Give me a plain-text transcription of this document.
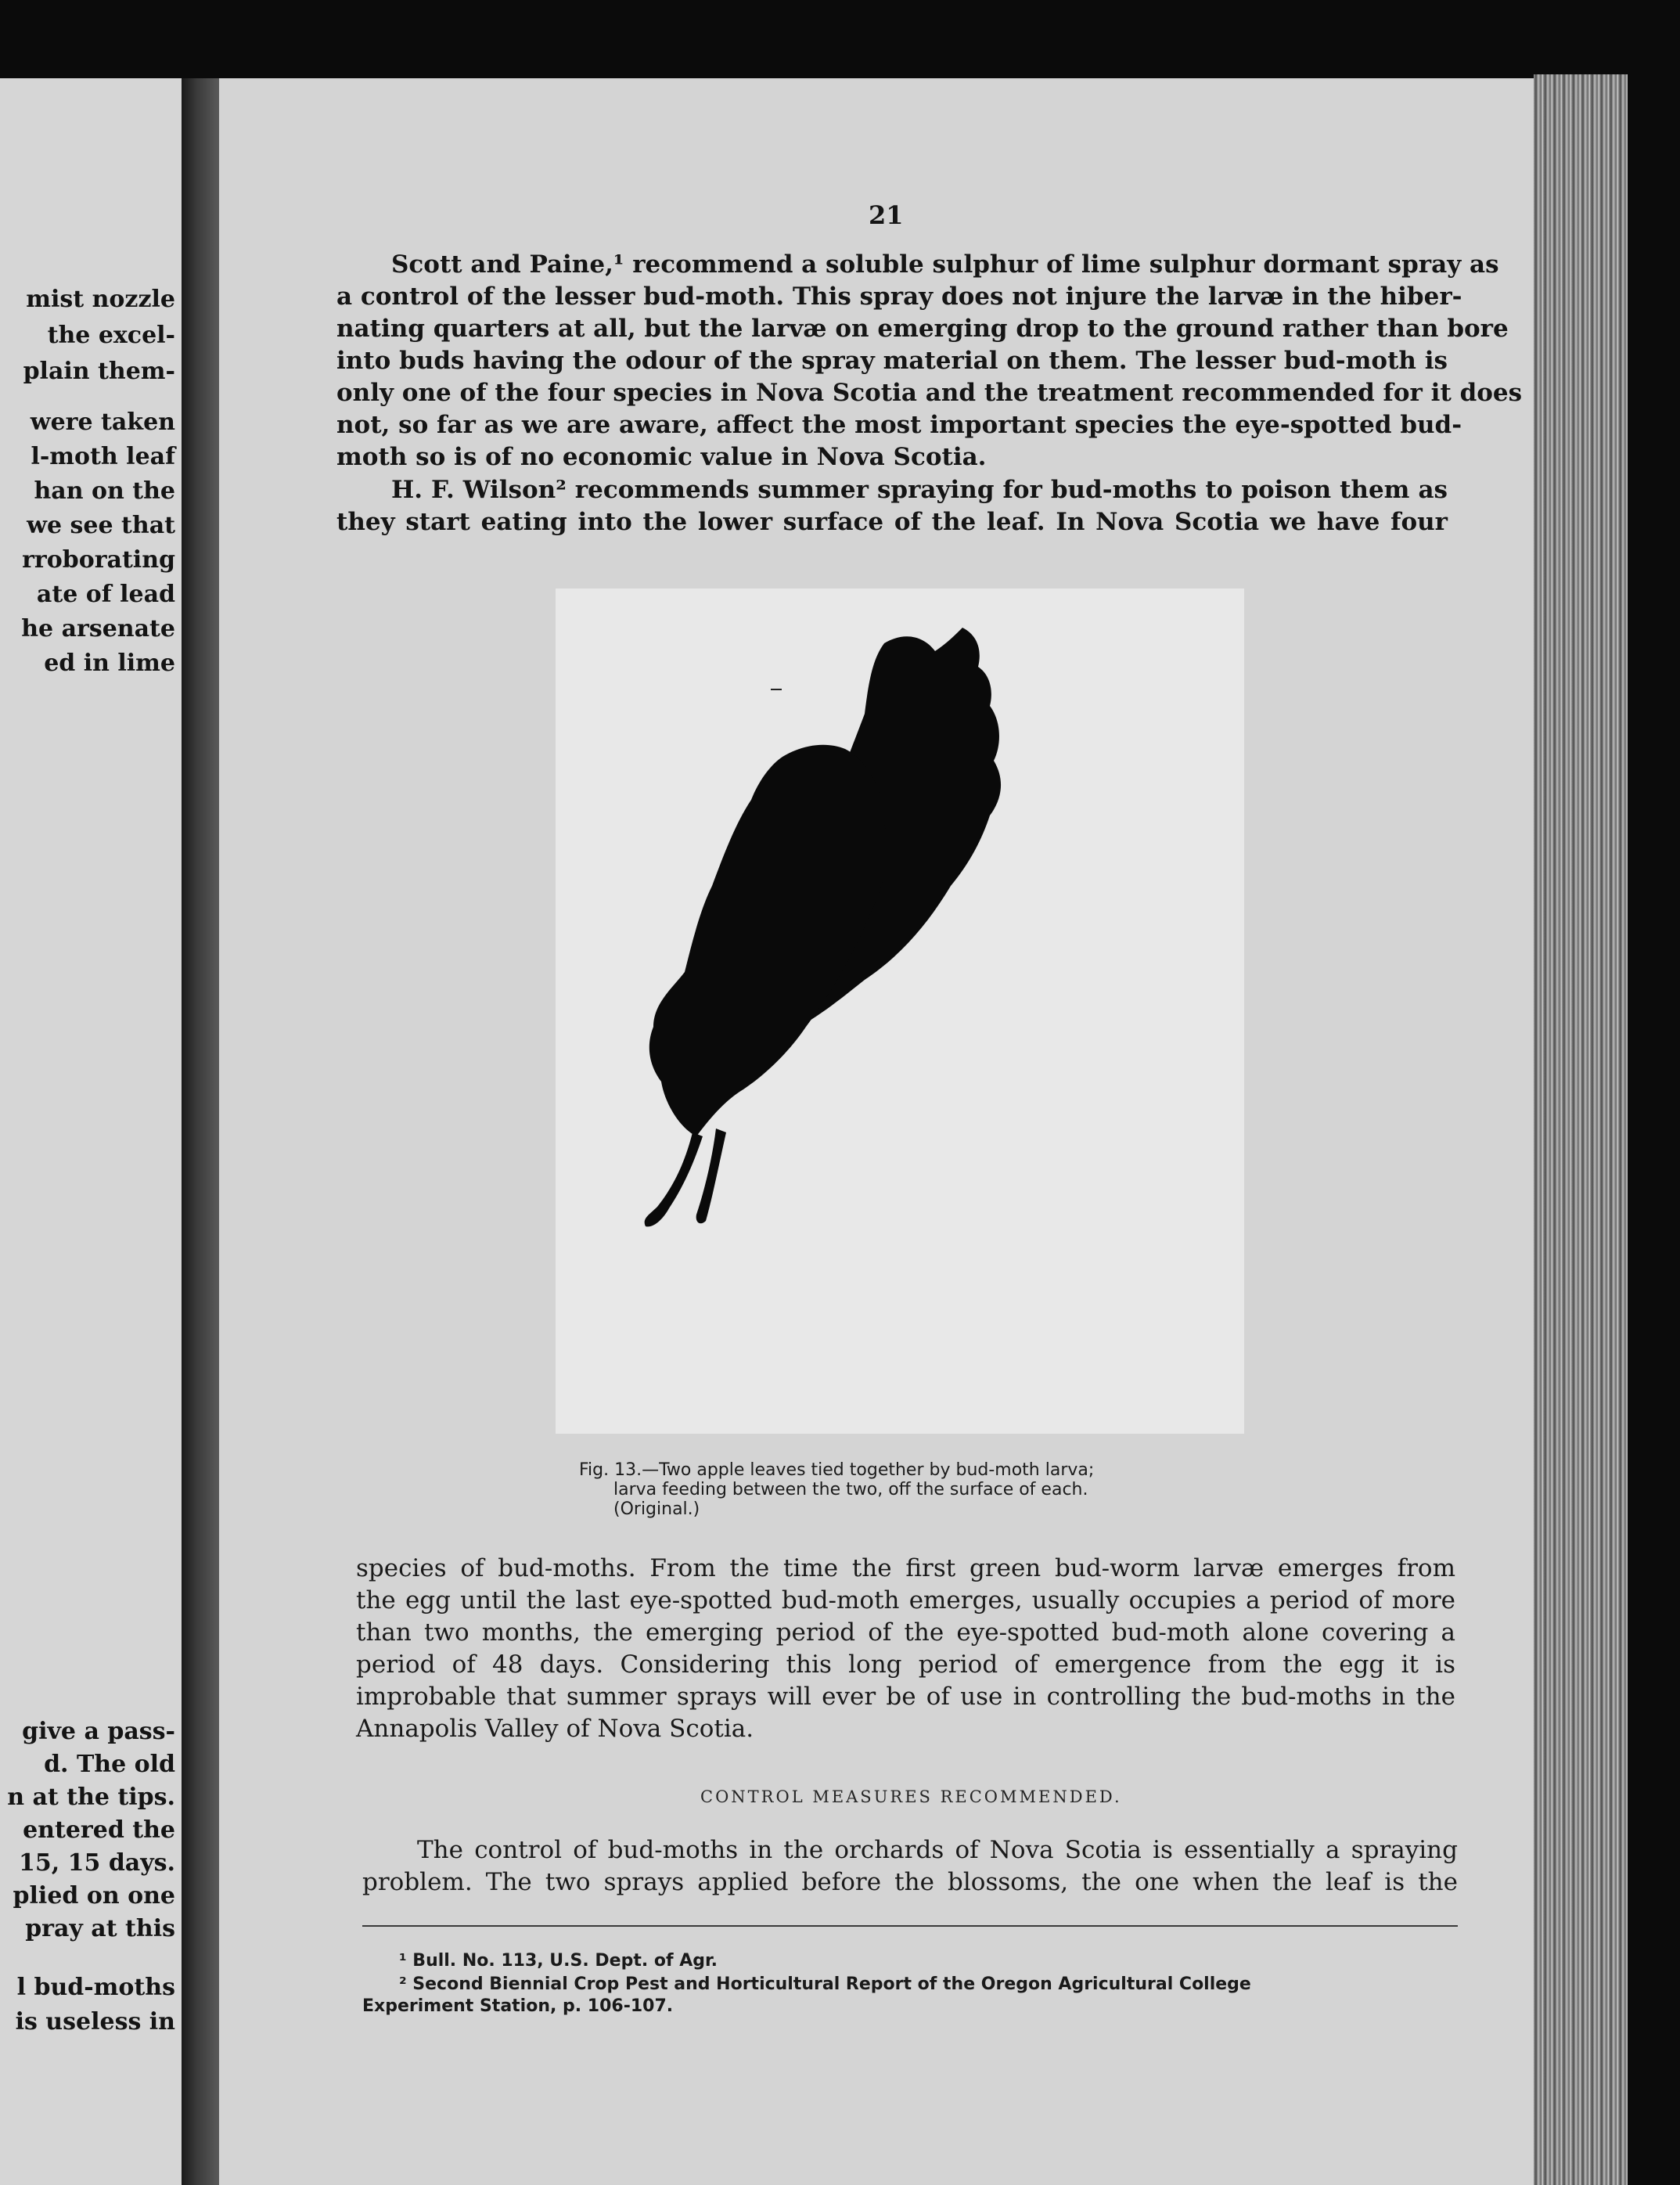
mist nozzle
the excel-
plain them-
were taken
l-moth leaf
han on the
we see that
rroborating
ate of lead
he arsenate
ed in lime
give a pass-
d. The old
n at the tips.
entered the
15, 15 days.
plied on one
pray at this
l bud-moths
is useless in
21
Scott and Paine,¹ recommend a soluble sulphur of lime sulphur dormant spray as
a control of the lesser bud-moth. This spray does not injure the larvæ in the hiber-
nating quarters at all, but the larvæ on emerging drop to the ground rather than bore
into buds having the odour of the spray material on them. The lesser bud-moth is
only one of the four species in Nova Scotia and the treatment recommended for it does
not, so far as we are aware, affect the most important species the eye-spotted bud-
moth so is of no economic value in Nova Scotia.
H. F. Wilson² recommends summer spraying for bud-moths to poison them as
they start eating into the lower surface of the leaf. In Nova Scotia we have four
Fig. 13.—Two apple leaves tied together by bud-moth larva;
larva feeding between the two, off the surface of each.
(Original.)
species of bud-moths. From the time the first green bud-worm larvæ emerges from
the egg until the last eye-spotted bud-moth emerges, usually occupies a period of more
than two months, the emerging period of the eye-spotted bud-moth alone covering a
period of 48 days. Considering this long period of emergence from the egg it is
improbable that summer sprays will ever be of use in controlling the bud-moths in the
Annapolis Valley of Nova Scotia.
CONTROL MEASURES RECOMMENDED.
The control of bud-moths in the orchards of Nova Scotia is essentially a spraying
problem. The two sprays applied before the blossoms, the one when the leaf is the
¹ Bull. No. 113, U.S. Dept. of Agr.
² Second Biennial Crop Pest and Horticultural Report of the Oregon Agricultural College
Experiment Station, p. 106-107.
